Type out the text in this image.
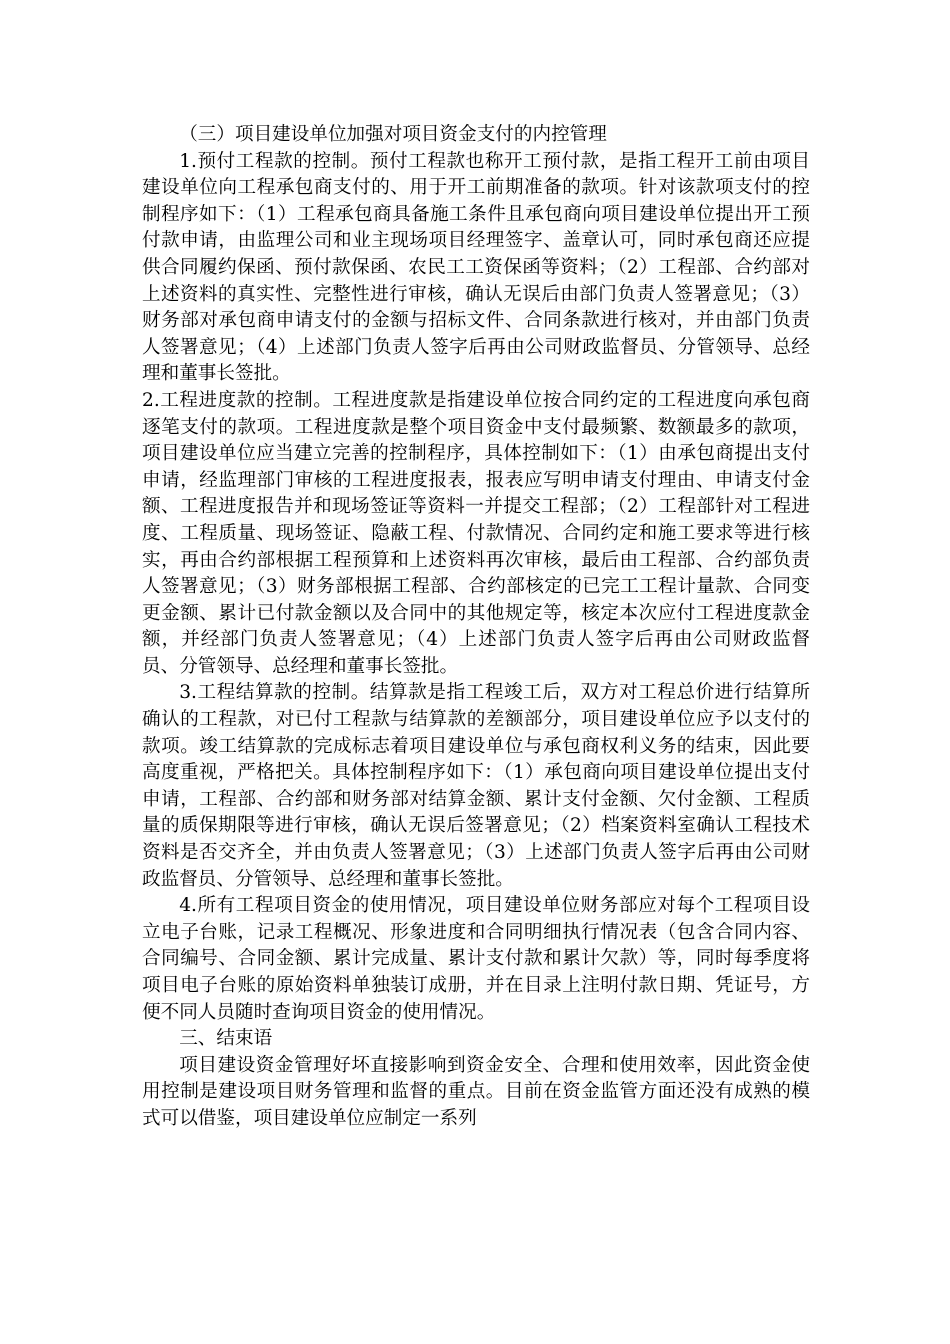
（三）项目建设单位加强对项目资金支付的内控管理

1.预付工程款的控制。预付工程款也称开工预付款，是指工程开工前由项目建设单位向工程承包商支付的、用于开工前期准备的款项。针对该款项支付的控制程序如下：（1）工程承包商具备施工条件且承包商向项目建设单位提出开工预付款申请，由监理公司和业主现场项目经理签字、盖章认可，同时承包商还应提供合同履约保函、预付款保函、农民工工资保函等资料；（2）工程部、合约部对上述资料的真实性、完整性进行审核，确认无误后由部门负责人签署意见；（3）财务部对承包商申请支付的金额与招标文件、合同条款进行核对，并由部门负责人签署意见；（4）上述部门负责人签字后再由公司财政监督员、分管领导、总经理和董事长签批。

2.工程进度款的控制。工程进度款是指建设单位按合同约定的工程进度向承包商逐笔支付的款项。工程进度款是整个项目资金中支付最频繁、数额最多的款项，项目建设单位应当建立完善的控制程序，具体控制如下：（1）由承包商提出支付申请，经监理部门审核的工程进度报表，报表应写明申请支付理由、申请支付金额、工程进度报告并和现场签证等资料一并提交工程部；（2）工程部针对工程进度、工程质量、现场签证、隐蔽工程、付款情况、合同约定和施工要求等进行核实，再由合约部根据工程预算和上述资料再次审核，最后由工程部、合约部负责人签署意见；（3）财务部根据工程部、合约部核定的已完工工程计量款、合同变更金额、累计已付款金额以及合同中的其他规定等，核定本次应付工程进度款金额，并经部门负责人签署意见；（4）上述部门负责人签字后再由公司财政监督员、分管领导、总经理和董事长签批。

3.工程结算款的控制。结算款是指工程竣工后，双方对工程总价进行结算所确认的工程款，对已付工程款与结算款的差额部分，项目建设单位应予以支付的款项。竣工结算款的完成标志着项目建设单位与承包商权利义务的结束，因此要高度重视，严格把关。具体控制程序如下：（1）承包商向项目建设单位提出支付申请，工程部、合约部和财务部对结算金额、累计支付金额、欠付金额、工程质量的质保期限等进行审核，确认无误后签署意见；（2）档案资料室确认工程技术资料是否交齐全，并由负责人签署意见；（3）上述部门负责人签字后再由公司财政监督员、分管领导、总经理和董事长签批。

4.所有工程项目资金的使用情况，项目建设单位财务部应对每个工程项目设立电子台账，记录工程概况、形象进度和合同明细执行情况表（包含合同内容、合同编号、合同金额、累计完成量、累计支付款和累计欠款）等，同时每季度将项目电子台账的原始资料单独装订成册，并在目录上注明付款日期、凭证号，方便不同人员随时查询项目资金的使用情况。

三、结束语

项目建设资金管理好坏直接影响到资金安全、合理和使用效率，因此资金使用控制是建设项目财务管理和监督的重点。目前在资金监管方面还没有成熟的模式可以借鉴，项目建设单位应制定一系列
